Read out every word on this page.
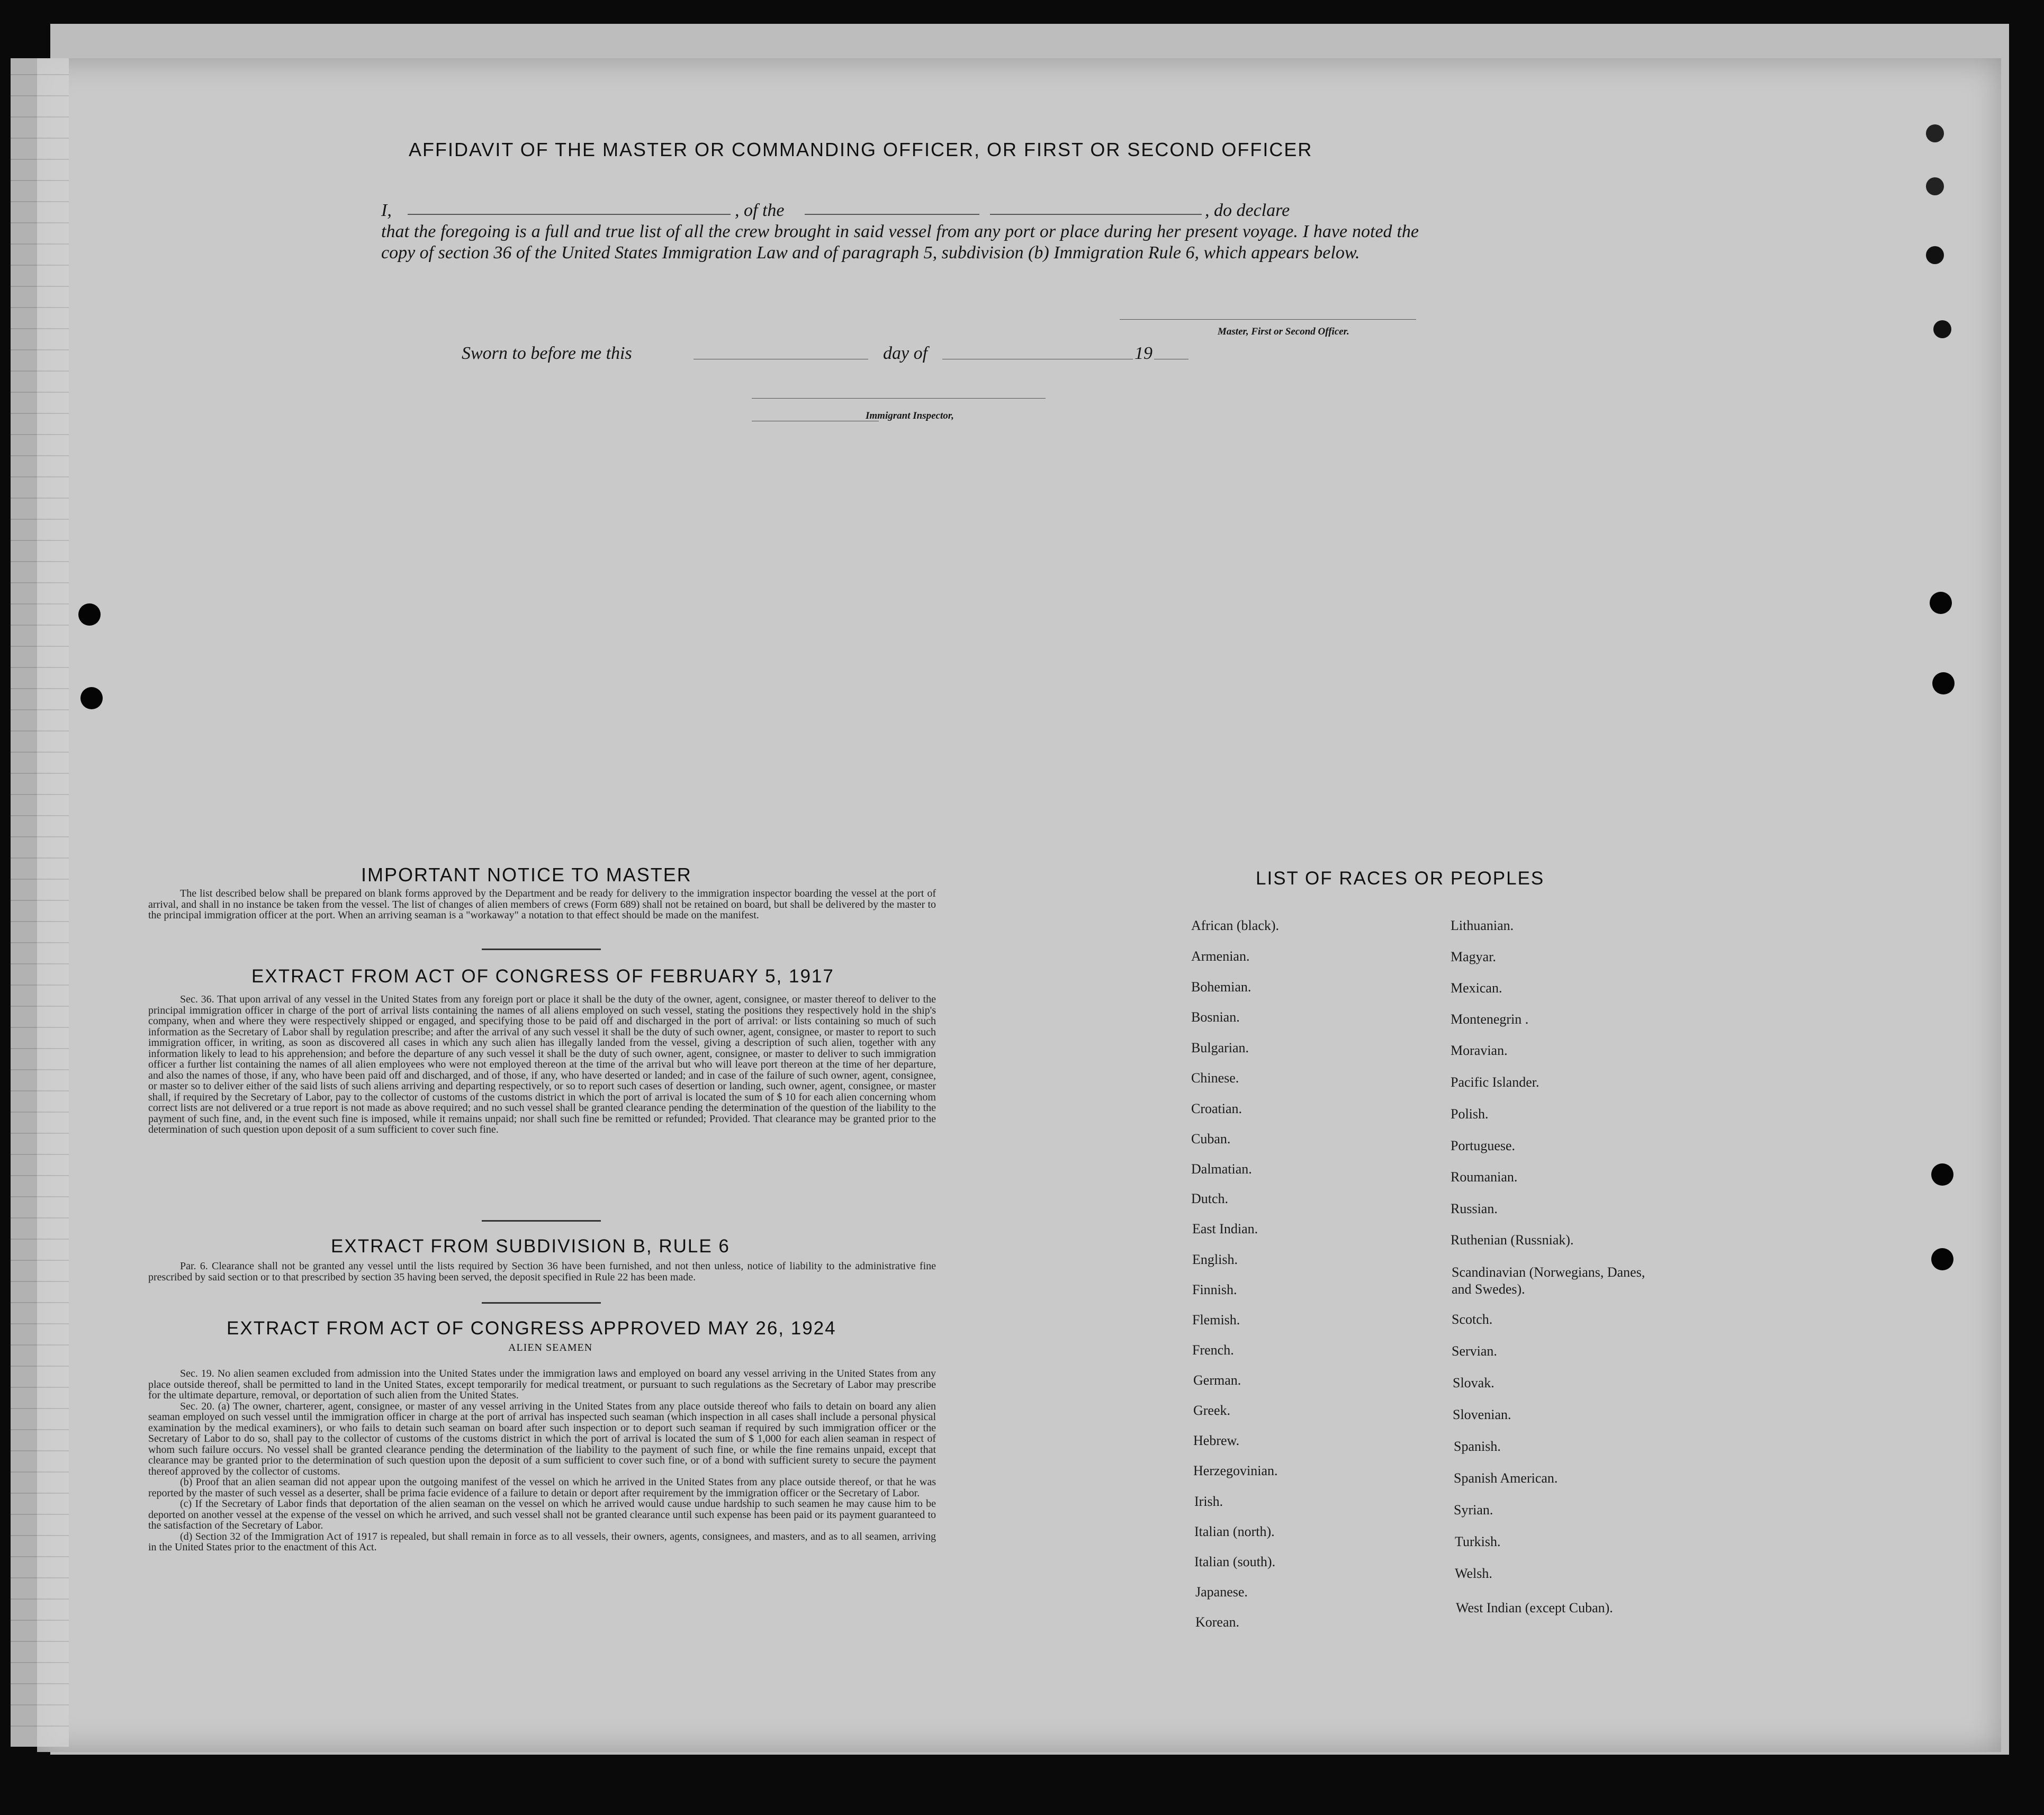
AFFIDAVIT OF THE MASTER OR COMMANDING OFFICER, OR FIRST OR SECOND OFFICER
I,	, of the	, do declare
that the foregoing is a full and true list of all the crew brought in said vessel from any port or place during her present voyage. I have noted the copy of section 36 of the United States Immigration Law and of paragraph 5, subdivision (b) Immigration Rule 6, which appears below.
Master, First or Second Officer.
Sworn to before me this	day of	19
Immigrant Inspector,
IMPORTANT NOTICE TO MASTER

The list described below shall be prepared on blank forms approved by the Department and be ready for delivery to the immigration inspector boarding the vessel at the port of arrival, and shall in no instance be taken from the vessel. The list of changes of alien members of crews (Form 689) shall not be retained on board, but shall be delivered by the master to the principal immigration officer at the port. When an arriving seaman is a "workaway" a notation to that effect should be made on the manifest.

EXTRACT FROM ACT OF CONGRESS OF FEBRUARY 5, 1917

Sec. 36. That upon arrival of any vessel in the United States from any foreign port or place it shall be the duty of the owner, agent, consignee, or master thereof to deliver to the principal immigration officer in charge of the port of arrival lists containing the names of all aliens employed on such vessel, stating the positions they respectively hold in the ship's company, when and where they were respectively shipped or engaged, and specifying those to be paid off and discharged in the port of arrival: or lists containing so much of such information as the Secretary of Labor shall by regulation prescribe; and after the arrival of any such vessel it shall be the duty of such owner, agent, consignee, or master to report to such immigration officer, in writing, as soon as discovered all cases in which any such alien has illegally landed from the vessel, giving a description of such alien, together with any information likely to lead to his apprehension; and before the departure of any such vessel it shall be the duty of such owner, agent, consignee, or master to deliver to such immigration officer a further list containing the names of all alien employees who were not employed thereon at the time of the arrival but who will leave port thereon at the time of her departure, and also the names of those, if any, who have been paid off and discharged, and of those, if any, who have deserted or landed; and in case of the failure of such owner, agent, consignee, or master so to deliver either of the said lists of such aliens arriving and departing respectively, or so to report such cases of desertion or landing, such owner, agent, consignee, or master shall, if required by the Secretary of Labor, pay to the collector of customs of the customs district in which the port of arrival is located the sum of $ 10 for each alien concerning whom correct lists are not delivered or a true report is not made as above required; and no such vessel shall be granted clearance pending the determination of the question of the liability to the payment of such fine, and, in the event such fine is imposed, while it remains unpaid; nor shall such fine be remitted or refunded; Provided. That clearance may be granted prior to the determination of such question upon deposit of a sum sufficient to cover such fine.

EXTRACT FROM SUBDIVISION B, RULE 6

Par. 6. Clearance shall not be granted any vessel until the lists required by Section 36 have been furnished, and not then unless, notice of liability to the administrative fine prescribed by said section or to that prescribed by section 35 having been served, the deposit specified in Rule 22 has been made.

EXTRACT FROM ACT OF CONGRESS APPROVED MAY 26, 1924
ALIEN SEAMEN

Sec. 19. No alien seamen excluded from admission into the United States under the immigration laws and employed on board any vessel arriving in the United States from any place outside thereof, shall be permitted to land in the United States, except temporarily for medical treatment, or pursuant to such regulations as the Secretary of Labor may prescribe for the ultimate departure, removal, or deportation of such alien from the United States.

Sec. 20. (a) The owner, charterer, agent, consignee, or master of any vessel arriving in the United States from any place outside thereof who fails to detain on board any alien seaman employed on such vessel until the immigration officer in charge at the port of arrival has inspected such seaman (which inspection in all cases shall include a personal physical examination by the medical examiners), or who fails to detain such seaman on board after such inspection or to deport such seaman if required by such immigration officer or the Secretary of Labor to do so, shall pay to the collector of customs of the customs district in which the port of arrival is located the sum of $ 1,000 for each alien seaman in respect of whom such failure occurs. No vessel shall be granted clearance pending the determination of the liability to the payment of such fine, or while the fine remains unpaid, except that clearance may be granted prior to the determination of such question upon the deposit of a sum sufficient to cover such fine, or of a bond with sufficient surety to secure the payment thereof approved by the collector of customs.

(b) Proof that an alien seaman did not appear upon the outgoing manifest of the vessel on which he arrived in the United States from any place outside thereof, or that he was reported by the master of such vessel as a deserter, shall be prima facie evidence of a failure to detain or deport after requirement by the immigration officer or the Secretary of Labor.

(c) If the Secretary of Labor finds that deportation of the alien seaman on the vessel on which he arrived would cause undue hardship to such seamen he may cause him to be deported on another vessel at the expense of the vessel on which he arrived, and such vessel shall not be granted clearance until such expense has been paid or its payment guaranteed to the satisfaction of the Secretary of Labor.

(d) Section 32 of the Immigration Act of 1917 is repealed, but shall remain in force as to all vessels, their owners, agents, consignees, and masters, and as to all seamen, arriving in the United States prior to the enactment of this Act.

LIST OF RACES OR PEOPLES
African (black).
Armenian.
Bohemian.
Bosnian.
Bulgarian.
Chinese.
Croatian.
Cuban.
Dalmatian.
Dutch.
East Indian.
English.
Finnish.
Flemish.
French.
German.
Greek.
Hebrew.
Herzegovinian.
Irish.
Italian (north).
Italian (south).
Japanese.
Korean.
Lithuanian.
Magyar.
Mexican.
Montenegrin .
Moravian.
Pacific Islander.
Polish.
Portuguese.
Roumanian.
Russian.
Ruthenian (Russniak).
Scandinavian (Norwegians, Danes, and Swedes).
Scotch.
Servian.
Slovak.
Slovenian.
Spanish.
Spanish American.
Syrian.
Turkish.
Welsh.
West Indian (except Cuban).
